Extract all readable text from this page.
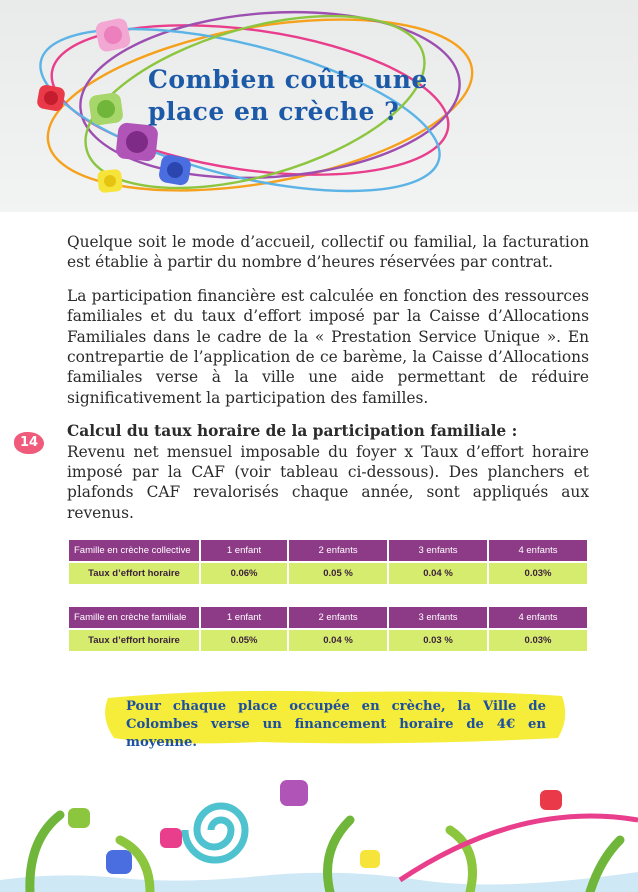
Combien coûte une
place en crèche ?
14

Quelque soit le mode d’accueil, collectif ou familial, la facturation est établie à partir du nombre d’heures réservées par contrat.

La participation financière est calculée en fonction des ressources familiales et du taux d’effort imposé par la Caisse d’Allocations Familiales dans le cadre de la « Prestation Service Unique ». En contrepartie de l’application de ce barème, la Caisse d’Allocations familiales verse à la ville une aide permettant de réduire significativement la participation des familles.

Calcul du taux horaire de la participation familiale :
Revenu net mensuel imposable du foyer x Taux d’effort horaire imposé par la CAF (voir tableau ci-dessous). Des planchers et plafonds CAF revalorisés chaque année, sont appliqués aux revenus.

Famille en crèche collective	1 enfant	2 enfants	3 enfants	4 enfants
Taux d’effort horaire	0.06%	0.05 %	0.04 %	0.03%
Famille en crèche familiale	1 enfant	2 enfants	3 enfants	4 enfants
Taux d’effort horaire	0.05%	0.04 %	0.03 %	0.03%
Pour chaque place occupée en crèche, la Ville de Colombes verse un financement horaire de 4€ en moyenne.
